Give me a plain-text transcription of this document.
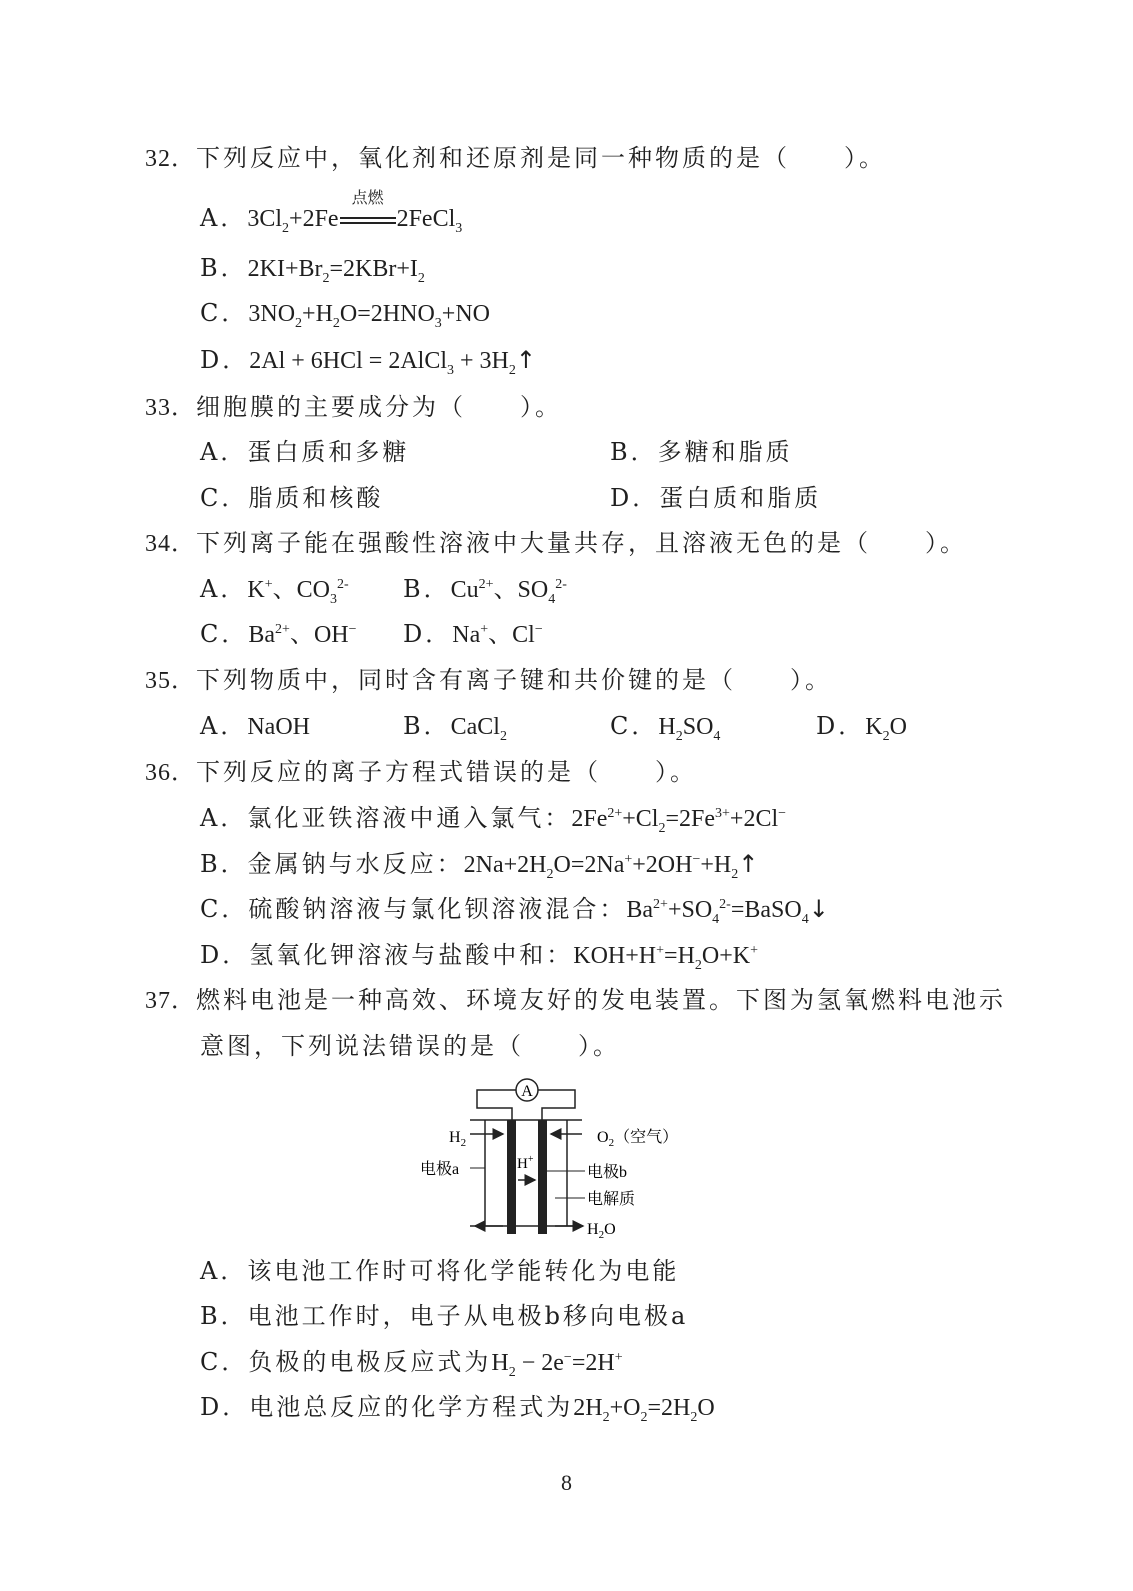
32．下列反应中，氧化剂和还原剂是同一种物质的是（　　）。
A．$3Cl_2+2Fe$
点燃
2FeCl$_3$
B．$2KI+Br_2=2KBr+I_2$
C．$3NO_2+H_2O=2HNO_3+NO$
D．2Al + 6HCl = 2AlCl$_3$ + $3H_2↑$
33．细胞膜的主要成分为（　　）。
A．蛋白质和多糖	B．多糖和脂质
C．脂质和核酸	D．蛋白质和脂质
34．下列离子能在强酸性溶液中大量共存，且溶液无色的是（　　）。
A．K+、$CO_3^{2-}$ B．$Cu^{2+}$、$SO_4^{2-}$
C．$Ba^{2+}$、OH− D．Na+、Cl−
35．下列物质中，同时含有离子键和共价键的是（　　）。
A．NaOH	B．CaCl$_2$	C．$H_2SO_4$	D．$K_2O$
36．下列反应的离子方程式错误的是（　　）。
A．氯化亚铁溶液中通入氯气：$2Fe^{2+}+Cl_2=2Fe^{3+}+2Cl^-$
B．金属钠与水反应：$2Na+2H_2O=2Na^++2OH^-+H_2↑$
C．硫酸钠溶液与氯化钡溶液混合：$Ba^{2+}+SO_4^{2-}=BaSO_4↓$
D．氢氧化钾溶液与盐酸中和：$KOH+H^+=H_2O+K^+$
37．燃料电池是一种高效、环境友好的发电装置。下图为氢氧燃料电池示
意图，下列说法错误的是（　　）。
A
$H_2$
电极a	H+
$O_2$（空气）
电极b
电解质
$H_2O$
A．该电池工作时可将化学能转化为电能
B．电池工作时，电子从电极b移向电极a
C．负极的电极反应式为$H_2 - 2e^-=2H^+$
D．电池总反应的化学方程式为$2H_2+O_2=2H_2O$
8
